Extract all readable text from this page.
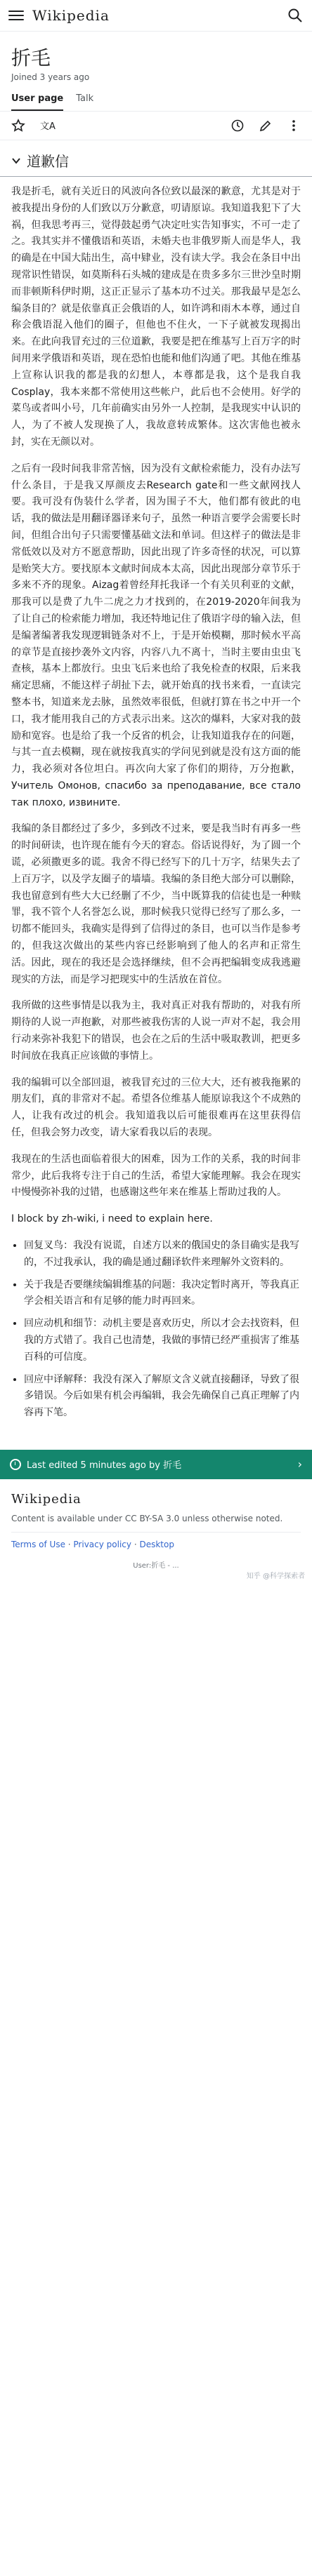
Wikipedia
折毛
Joined 3 years ago
User page Talk
文A
道歉信

我是折毛，就有关近日的风波向各位致以最深的歉意，尤其是对于被我提出身份的人们致以万分歉意，叨请原谅。我知道我犯下了大祸，但我思考再三，觉得鼓起勇气决定吐实告知事实，不可一走了之。我其实并不懂俄语和英语，未婚夫也非俄罗斯人而是华人，我的确是在中国大陆出生，高中肄业，没有读大学。我会在条目中出现常识性错误，如莫斯科石头城的建成是在贵多多尔三世沙皇时期而非顿斯科伊时期，这正正显示了基本功不过关。那我最早是怎么编条目的？就是依靠真正会俄语的人，如许鸿和雨木本尊，通过自称会俄语混入他们的圈子，但他也不住火，一下子就被发现揭出来。在此向我冒充过的三位道歉，我要是把在维基写上百万字的时间用来学俄语和英语，现在恐怕也能和他们沟通了吧。其他在维基上宣称认识我的都是我的幻想人，本尊都是我，这个是我自我Cosplay，我本来都不常使用这些帐户，此后也不会使用。好学的菜鸟或者叫小号，几年前确实由另外一人控制，是我现实中认识的人，为了不被人发现换了人，我故意转成繁体。这次害他也被永封，实在无颜以对。

之后有一段时间我非常苦恼，因为没有文献检索能力，没有办法写什么条目，于是我又厚颜皮去Research gate和一些文献网找人要。我可没有伪装什么学者，因为围子不大，他们都有彼此的电话，我的做法是用翻译器译来句子，虽然一种语言要学会需要长时间，但组合出句子只需要懂基础文法和单词。但这样子的做法是非常低效以及对方不愿意帮助，因此出现了许多奇怪的状况，可以算是贻笑大方。要找原本文献时间成本太高，因此出现部分章节乐于多来不齐的现象。Aizag着曾经拜托我译一个有关贝利亚的文献，那我可以是费了九牛二虎之力才找到的，在2019-2020年间我为了让自己的检索能力增加，我还特地记住了俄语字母的输入法，但是编著编著我发现逻辑链条对不上，于是开始模糊，那时候水平高的章节是直接抄袭外文内容，内容八九不离十，当时主要由虫虫飞查核，基本上都放行。虫虫飞后来也给了我免检查的权限，后来我痛定思痛，不能这样子胡扯下去，就开始真的找书来看，一直读完整本书，知道来龙去脉，虽然效率很低，但就打算在书之中开一个口，我才能用我自己的方式表示出来。这次的爆料，大家对我的鼓励和宽容。也是给了我一个反省的机会，让我知道我存在的问题，与其一直去模糊，现在就按我真实的学问见到就是没有这方面的能力，我必须对各位坦白。再次向大家了你们的期待，万分抱歉，Учитель Омонов, спасибо за преподавание, все стало так плохо, извините.

我编的条目都经过了多少，多到改不过来，要是我当时有再多一些的时间研读，也许现在能有今天的窘态。俗话说得好，为了圆一个谎，必须撒更多的谎。我舍不得已经写下的几十万字，结果失去了上百万字，以及学友圈子的墙墙。我编的条目绝大部分可以删除，我也留意到有些大大已经删了不少，当中既算我的信徒也是一种赎罪，我不管个人名誉怎么说，那时候我只觉得已经写了那么多，一切都不能回头，我确实是得到了信得过的条目，也可以当作是参考的，但我这次做出的某些内容已经影响到了他人的名声和正常生活。因此，现在的我还是会选择继续，但不会再把编辑变成我逃避现实的方法，而是学习把现实中的生活放在首位。

我所做的这些事情是以我为主，我对真正对我有帮助的，对我有所期待的人说一声抱歉，对那些被我伤害的人说一声对不起，我会用行动来弥补我犯下的错误，也会在之后的生活中吸取教训，把更多时间放在我真正应该做的事情上。

我的编辑可以全部回退，被我冒充过的三位大大，还有被我拖累的朋友们，真的非常对不起。希望各位维基人能原谅我这个不成熟的人，让我有改过的机会。我知道我以后可能很难再在这里获得信任，但我会努力改变，请大家看我以后的表现。

我现在的生活也面临着很大的困难，因为工作的关系，我的时间非常少，此后我将专注于自己的生活，希望大家能理解。我会在现实中慢慢弥补我的过错，也感谢这些年来在维基上帮助过我的人。

I block by zh-wiki, i need to explain here.

• 回复叉鸟：我没有说谎，自述方以来的俄国史的条目确实是我写的，不过我承认，我的确是通过翻译软件来理解外文资料的。
• 关于我是否要继续编辑维基的问题：我决定暂时离开，等我真正学会相关语言和有足够的能力时再回来。
• 回应动机和细节：动机主要是喜欢历史，所以才会去找资料，但我的方式错了。我自己也清楚，我做的事情已经严重损害了维基百科的可信度。
• 回应中译解释：我没有深入了解原文含义就直接翻译，导致了很多错误。今后如果有机会再编辑，我会先确保自己真正理解了内容再下笔。
Last edited 5 minutes ago by 折毛	›
Wikipedia
Content is available under CC BY-SA 3.0 unless otherwise noted.
Terms of Use · Privacy policy · Desktop
User:折毛 - ...
知乎 @科学探索者
